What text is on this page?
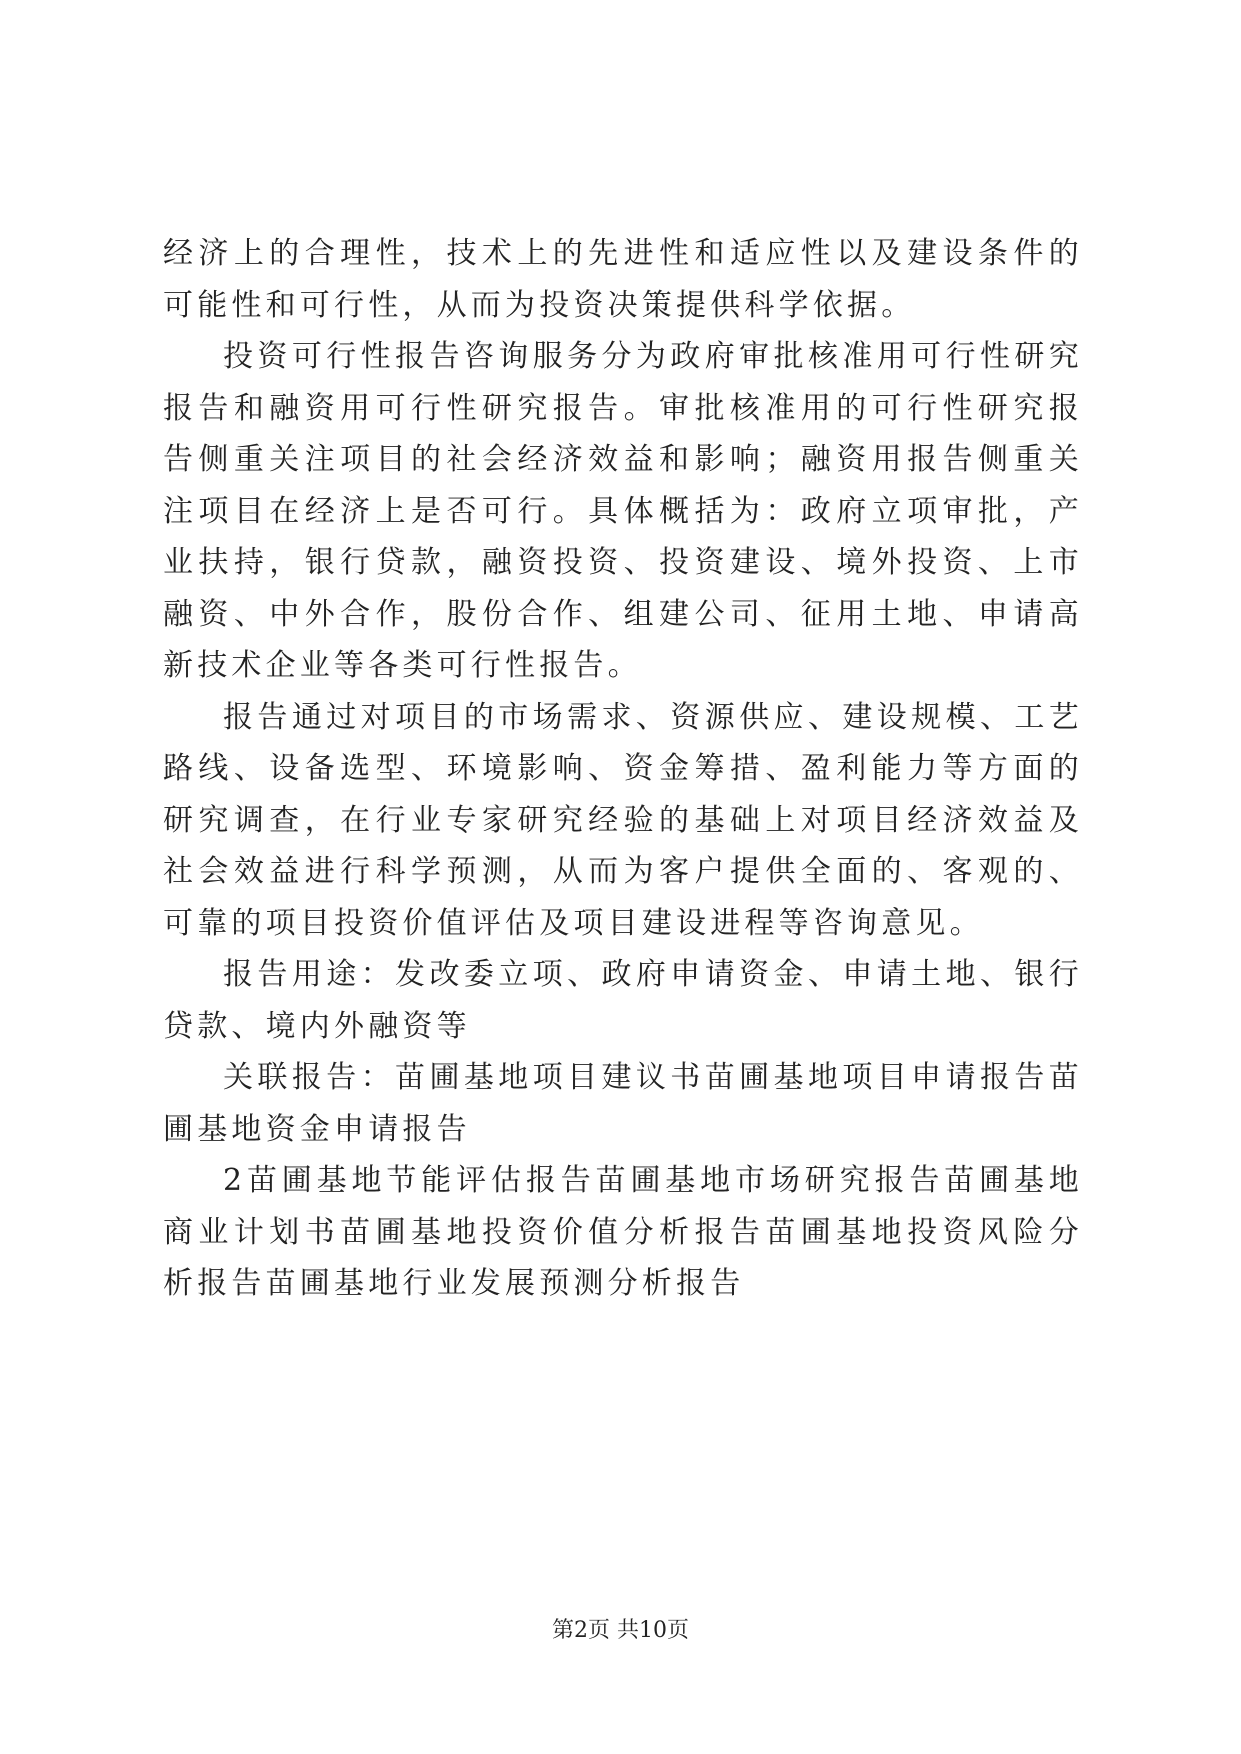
经济上的合理性，技术上的先进性和适应性以及建设条件的可能性和可行性，从而为投资决策提供科学依据。

投资可行性报告咨询服务分为政府审批核准用可行性研究报告和融资用可行性研究报告。审批核准用的可行性研究报告侧重关注项目的社会经济效益和影响；融资用报告侧重关注项目在经济上是否可行。具体概括为：政府立项审批，产业扶持，银行贷款，融资投资、投资建设、境外投资、上市融资、中外合作，股份合作、组建公司、征用土地、申请高新技术企业等各类可行性报告。

报告通过对项目的市场需求、资源供应、建设规模、工艺路线、设备选型、环境影响、资金筹措、盈利能力等方面的研究调查，在行业专家研究经验的基础上对项目经济效益及社会效益进行科学预测，从而为客户提供全面的、客观的、可靠的项目投资价值评估及项目建设进程等咨询意见。

报告用途：发改委立项、政府申请资金、申请土地、银行贷款、境内外融资等

关联报告：苗圃基地项目建议书苗圃基地项目申请报告苗圃基地资金申请报告

2苗圃基地节能评估报告苗圃基地市场研究报告苗圃基地商业计划书苗圃基地投资价值分析报告苗圃基地投资风险分析报告苗圃基地行业发展预测分析报告

第2页 共10页
